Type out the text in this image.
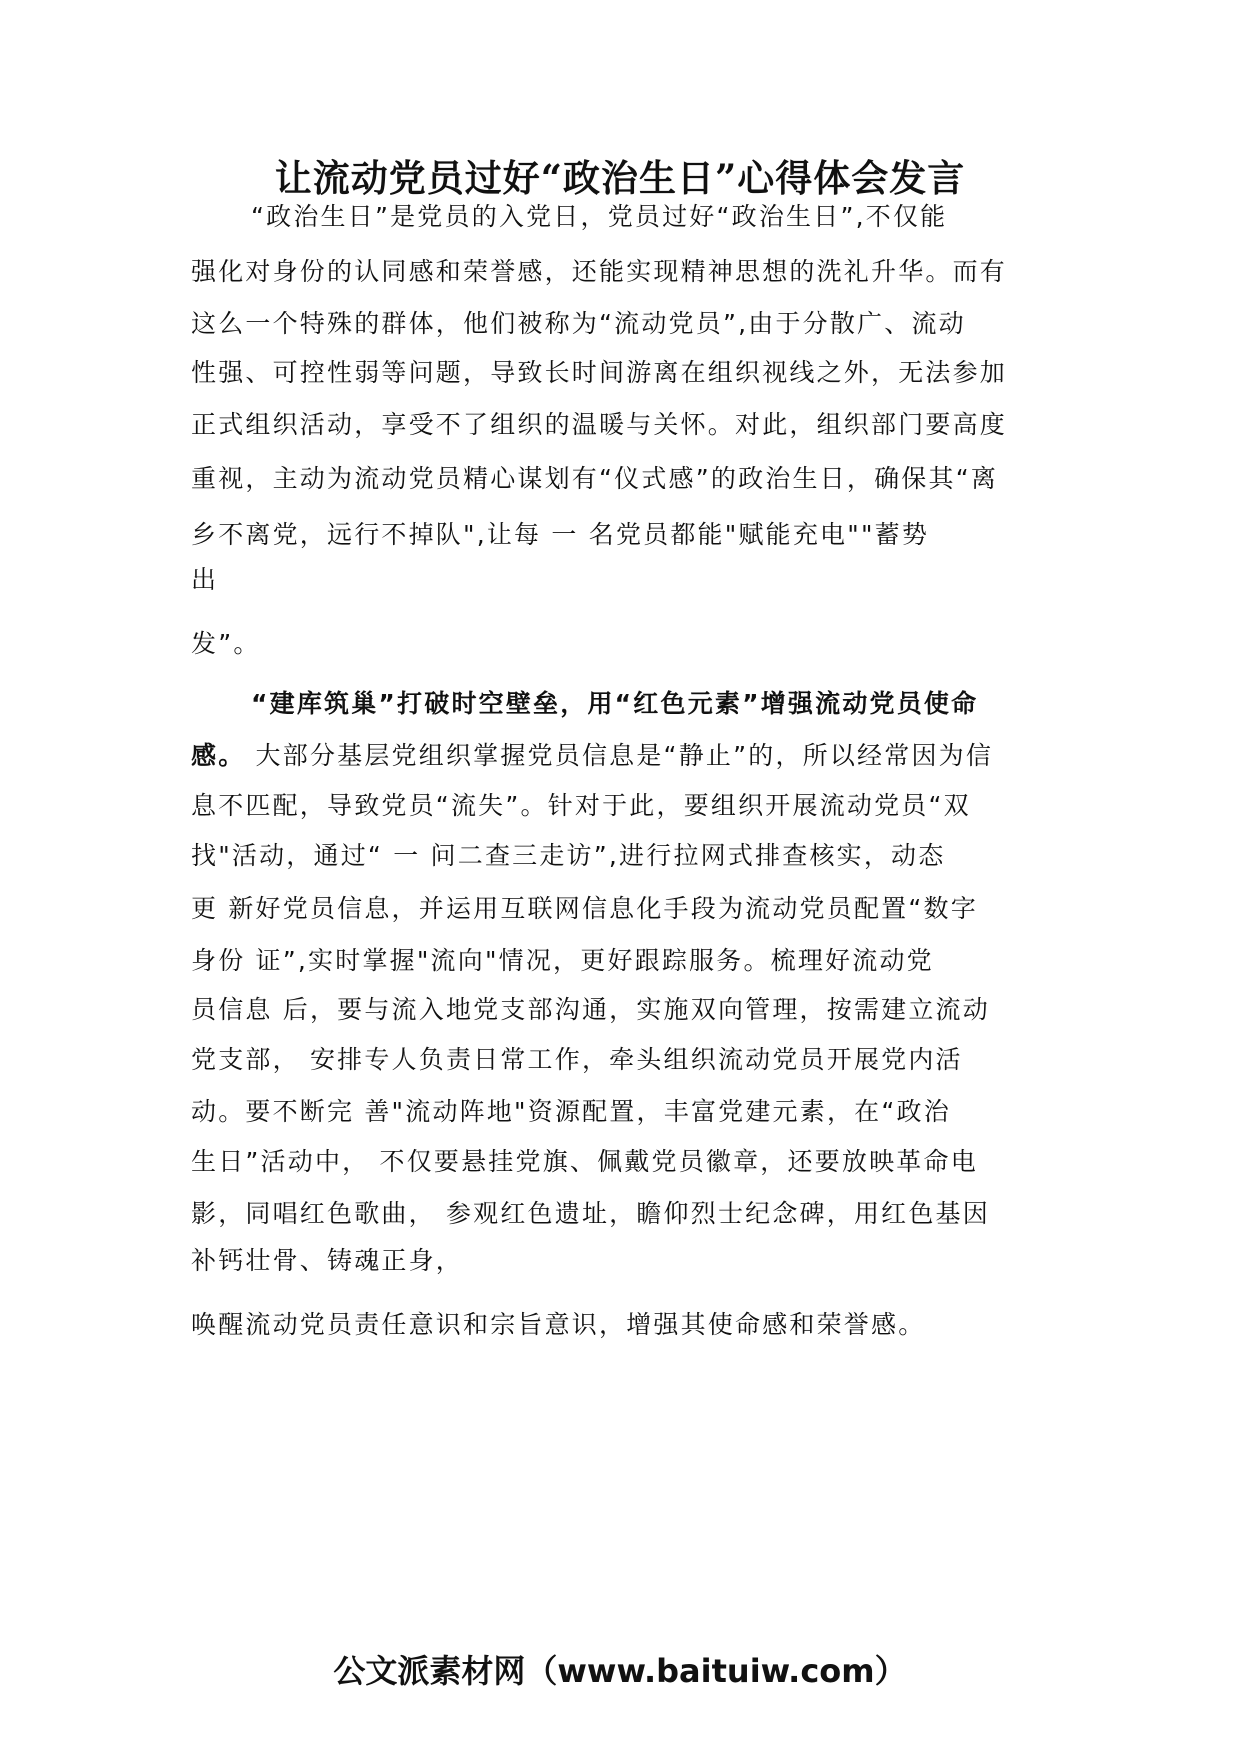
让流动党员过好“政治生日”心得体会发言
“政治生日”是党员的入党日，党员过好“政治生日”,不仅能
强化对身份的认同感和荣誉感，还能实现精神思想的洗礼升华。而有
这么一个特殊的群体，他们被称为“流动党员”,由于分散广、流动
性强、可控性弱等问题，导致长时间游离在组织视线之外，无法参加
正式组织活动，享受不了组织的温暖与关怀。对此，组织部门要高度
重视，主动为流动党员精心谋划有“仪式感”的政治生日，确保其“离
乡不离党，远行不掉队",让每 一 名党员都能"赋能充电""蓄势
出
发”。
“建库筑巢”打破时空壁垒，用“红色元素”增强流动党员使命
感。 大部分基层党组织掌握党员信息是“静止”的，所以经常因为信
息不匹配，导致党员“流失”。针对于此，要组织开展流动党员“双
找"活动，通过“ 一 问二查三走访”,进行拉网式排查核实，动态
更 新好党员信息，并运用互联网信息化手段为流动党员配置“数字
身份 证”,实时掌握"流向"情况，更好跟踪服务。梳理好流动党
员信息 后，要与流入地党支部沟通，实施双向管理，按需建立流动
党支部， 安排专人负责日常工作，牵头组织流动党员开展党内活
动。要不断完 善"流动阵地"资源配置，丰富党建元素，在“政治
生日”活动中， 不仅要悬挂党旗、佩戴党员徽章，还要放映革命电
影，同唱红色歌曲， 参观红色遗址，瞻仰烈士纪念碑，用红色基因
补钙壮骨、铸魂正身，
唤醒流动党员责任意识和宗旨意识，增强其使命感和荣誉感。
公文派素材网（www.baituiw.com）
